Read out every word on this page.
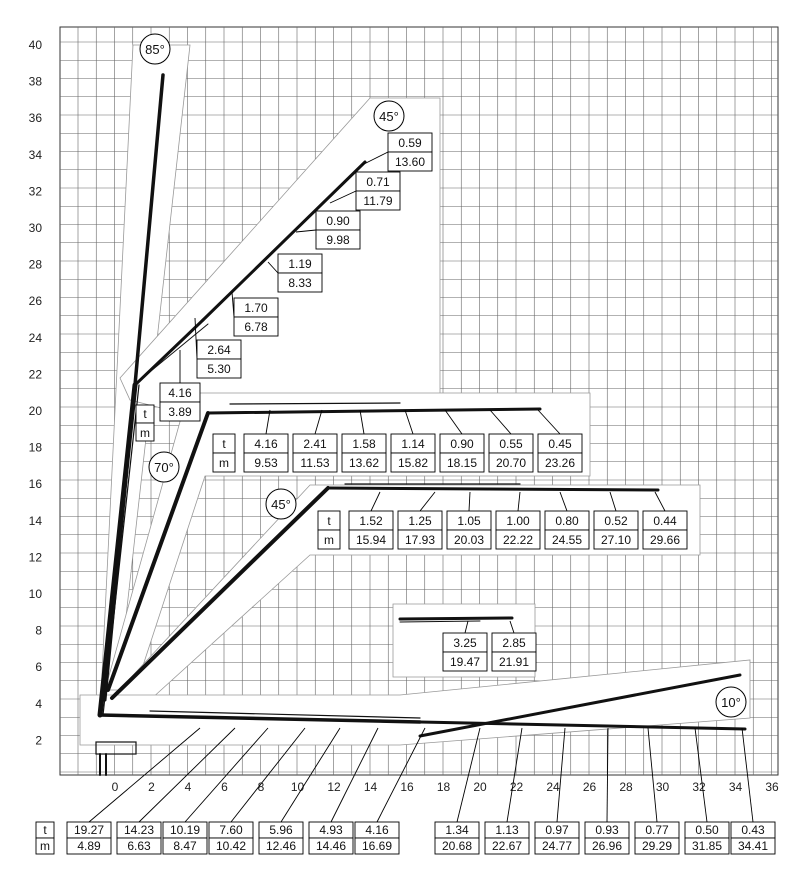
40
38
36
34
32
30
28
26
24
22
20
18
16
14
12
10
8
6
4
2
0 2 4 6 8 10 12 14 16 18 20 22 24 26 28 30 32 34 36
85°
45°
70°
45°
10°
t
m
4.16
3.89
0.59
13.60
0.71
11.79
0.90
9.98
1.19
8.33
1.70
6.78
2.64
5.30
t
m
4.16
9.53
2.41
11.53
1.58
13.62
1.14
15.82
0.90
18.15
0.55
20.70
0.45
23.26
t
m
1.52
15.94
1.25
17.93
1.05
20.03
1.00
22.22
0.80
24.55
0.52
27.10
0.44
29.66
3.25
19.47
2.85
21.91
t
m
19.27
4.89
14.23
6.63
10.19
8.47
7.60
10.42
5.96
12.46
4.93
14.46
4.16
16.69
1.34
20.68
1.13
22.67
0.97
24.77
0.93
26.96
0.77
29.29
0.50
31.85
0.43
34.41
